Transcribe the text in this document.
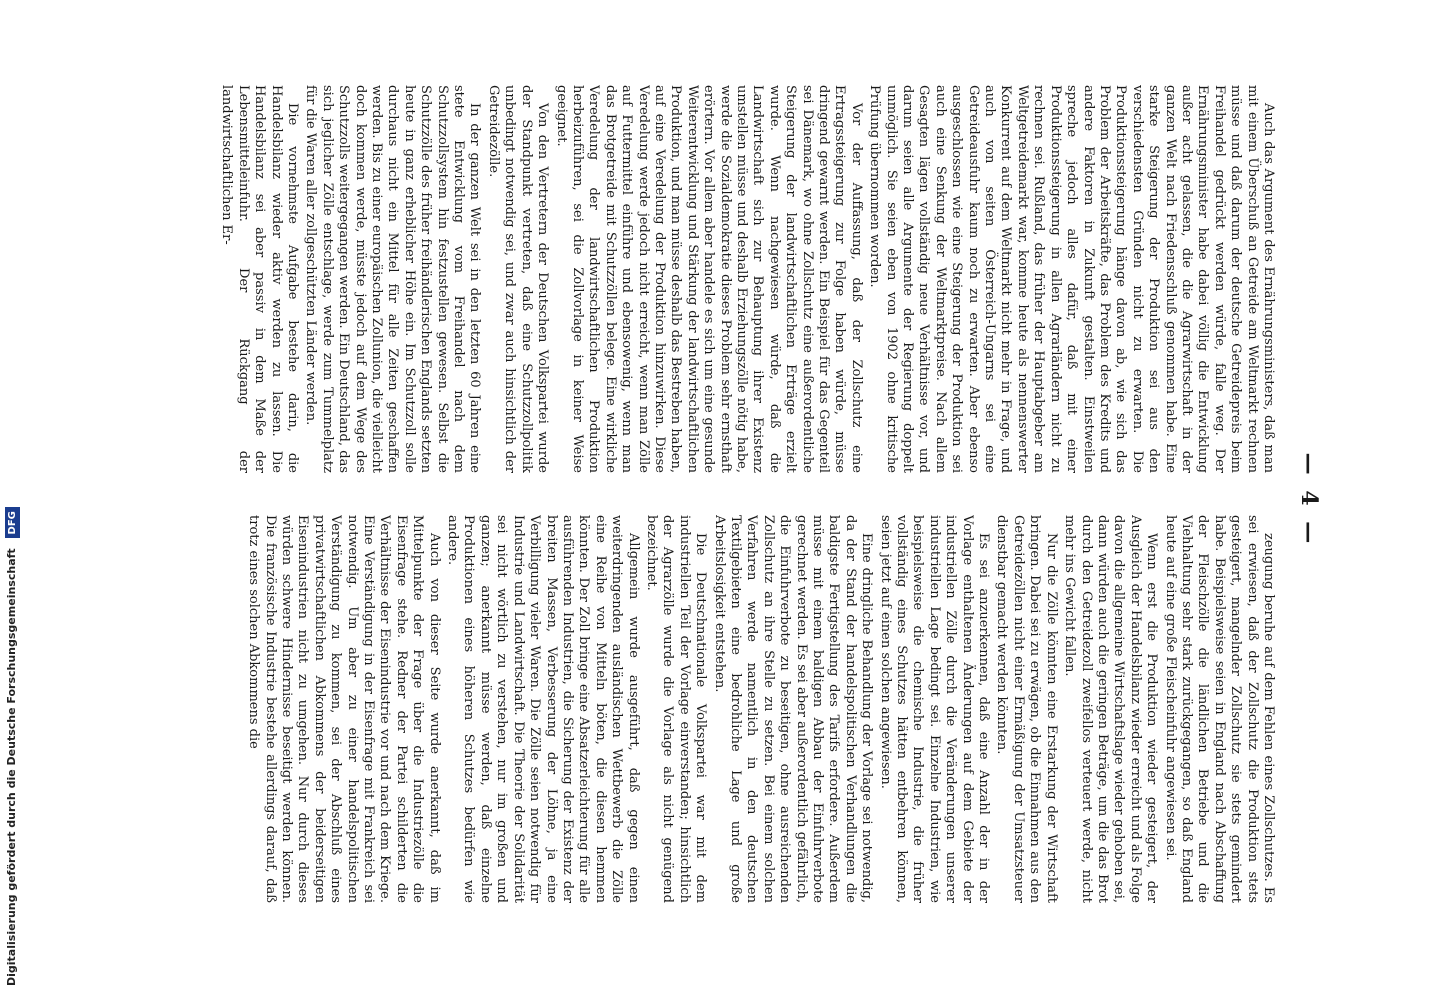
— 4 —

Auch das Argument des Ernährungsministers, daß man mit einem Überschuß an Getreide am Weltmarkt rechnen müsse und daß darum der deutsche Getreidepreis beim Freihandel gedrückt werden würde, falle weg. Der Ernährungsminister habe dabei völlig die Entwicklung außer acht gelassen, die die Agrarwirtschaft in der ganzen Welt nach Friedensschluß genommen habe. Eine starke Steigerung der Produktion sei aus den verschiedensten Gründen nicht zu erwarten. Die Produktionssteigerung hänge davon ab, wie sich das Problem der Arbeitskräfte, das Problem des Kredits und andere Faktoren in Zukunft gestalten. Einstweilen spreche jedoch alles dafür, daß mit einer Produktionssteigerung in allen Agrarländern nicht zu rechnen sei. Rußland, das früher der Hauptabgeber am Weltgetreidemarkt war, komme heute als nennenswerter Konkurrent auf dem Weltmarkt nicht mehr in Frage, und auch von seiten Österreich-Ungarns sei eine Getreideausfuhr kaum noch zu erwarten. Aber ebenso ausgeschlossen wie eine Steigerung der Produktion sei auch eine Senkung der Weltmarktpreise. Nach allem Gesagten lägen vollständig neue Verhältnisse vor, und darum seien alle Argumente der Regierung doppelt unmöglich. Sie seien eben von 1902 ohne kritische Prüfung übernommen worden.

Vor der Auffassung, daß der Zollschutz eine Ertragssteigerung zur Folge haben würde, müsse dringend gewarnt werden. Ein Beispiel für das Gegenteil sei Dänemark, wo ohne Zollschutz eine außerordentliche Steigerung der landwirtschaftlichen Erträge erzielt wurde. Wenn nachgewiesen würde, daß die Landwirtschaft sich zur Behauptung ihrer Existenz umstellen müsse und deshalb Erziehungszölle nötig habe, werde die Sozialdemokratie dieses Problem sehr ernsthaft erörtern. Vor allem aber handele es sich um eine gesunde Weiterentwicklung und Stärkung der landwirtschaftlichen Produktion, und man müsse deshalb das Bestreben haben, auf eine Veredelung der Produktion hinzuwirken. Diese Veredelung werde jedoch nicht erreicht, wenn man Zölle auf Futtermittel einführe und ebensowenig, wenn man das Brotgetreide mit Schutzzöllen belege. Eine wirkliche Veredelung der landwirtschaftlichen Produktion herbeizuführen, sei die Zollvorlage in keiner Weise geeignet.

Von den Vertretern der Deutschen Volkspartei wurde der Standpunkt vertreten, daß eine Schutzzollpolitik unbedingt notwendig sei, und zwar auch hinsichtlich der Getreidezölle.

In der ganzen Welt sei in den letzten 60 Jahren eine stete Entwicklung vom Freihandel nach dem Schutzzollsystem hin festzustellen gewesen. Selbst die Schutzzölle des früher freihändlerischen Englands setzten heute in ganz erheblicher Höhe ein. Im Schutzzoll solle durchaus nicht ein Mittel für alle Zeiten geschaffen werden. Bis zu einer europäischen Zollunion, die vielleicht doch kommen werde, müsste jedoch auf dem Wege des Schutzzolls weitergegangen werden. Ein Deutschland, das sich jeglicher Zölle entschlage, werde zum Tummelplatz für die Waren aller zollgeschützten Länder werden.

Die vornehmste Aufgabe bestehe darin, die Handelsbilanz wieder aktiv werden zu lassen. Die Handelsbilanz sei aber passiv in dem Maße der Lebensmitteleinfuhr. Der Rückgang der landwirtschaftlichen Er-

zeugung beruhe auf dem Fehlen eines Zollschutzes. Es sei erwiesen, daß der Zollschutz die Produktion stets gesteigert, mangelnder Zollschutz sie stets gemindert habe. Beispielsweise seien in England nach Abschaffung der Fleischzölle die ländlichen Betriebe und die Viehhaltung sehr stark zurückgegangen, so daß England heute auf eine große Fleischeinfuhr angewiesen sei.

Wenn erst die Produktion wieder gesteigert, der Ausgleich der Handelsbilanz wieder erreicht und als Folge davon die allgemeine Wirtschaftslage wieder gehoben sei, dann würden auch die geringen Beträge, um die das Brot durch den Getreidezoll zweifellos verteuert werde, nicht mehr ins Gewicht fallen.

Nur die Zölle könnten eine Erstarkung der Wirtschaft bringen. Dabei sei zu erwägen, ob die Einnahmen aus den Getreidezöllen nicht einer Ermäßigung der Umsatzsteuer dienstbar gemacht werden könnten.

Es sei anzuerkennen, daß eine Anzahl der in der Vorlage enthaltenen Änderungen auf dem Gebiete der industriellen Zölle durch die Veränderungen unserer industriellen Lage bedingt sei. Einzelne Industrien, wie beispielsweise die chemische Industrie, die früher vollständig eines Schutzes hätten entbehren können, seien jetzt auf einen solchen angewiesen.

Eine dringliche Behandlung der Vorlage sei notwendig, da der Stand der handelspolitischen Verhandlungen die baldigste Fertigstellung des Tarifs erfordere. Außerdem müsse mit einem baldigen Abbau der Einfuhrverbote gerechnet werden. Es sei aber außerordentlich gefährlich, die Einfuhrverbote zu beseitigen, ohne ausreichenden Zollschutz an ihre Stelle zu setzen. Bei einem solchen Verfahren werde namentlich in den deutschen Textilgebieten eine bedrohliche Lage und große Arbeitslosigkeit entstehen.

Die Deutschnationale Volkspartei war mit dem industriellen Teil der Vorlage einverstanden; hinsichtlich der Agrarzölle wurde die Vorlage als nicht genügend bezeichnet.

Allgemein wurde ausgeführt, daß gegen einen weiterdringenden ausländischen Wettbewerb die Zölle eine Reihe von Mitteln böten, die diesen hemmen könnten. Der Zoll bringe eine Absatzerleichterung für alle ausführenden Industrien, die Sicherung der Existenz der breiten Massen, Verbesserung der Löhne, ja eine Verbilligung vieler Waren. Die Zölle seien notwendig für Industrie und Landwirtschaft. Die Theorie der Solidarität sei nicht wörtlich zu verstehen, nur im großen und ganzen; anerkannt müsse werden, daß einzelne Produktionen eines höheren Schutzes bedürfen wie andere.

Auch von dieser Seite wurde anerkannt, daß im Mittelpunkte der Frage über die Industriezölle die Eisenfrage stehe. Redner der Partei schilderten die Verhältnisse der Eisenindustrie vor und nach dem Kriege. Eine Verständigung in der Eisenfrage mit Frankreich sei notwendig. Um aber zu einer handelspolitischen Verständigung zu kommen, sei der Abschluß eines privatwirtschaftlichen Abkommens der beiderseitigen Eisenindustrien nicht zu umgehen. Nur durch dieses würden schwere Hindernisse beseitigt werden können. Die französische Industrie bestehe allerdings darauf, daß trotz eines solchen Abkommens die

Digitalisierung gefördert durch die Deutsche Forschungsgemeinschaft DFG
